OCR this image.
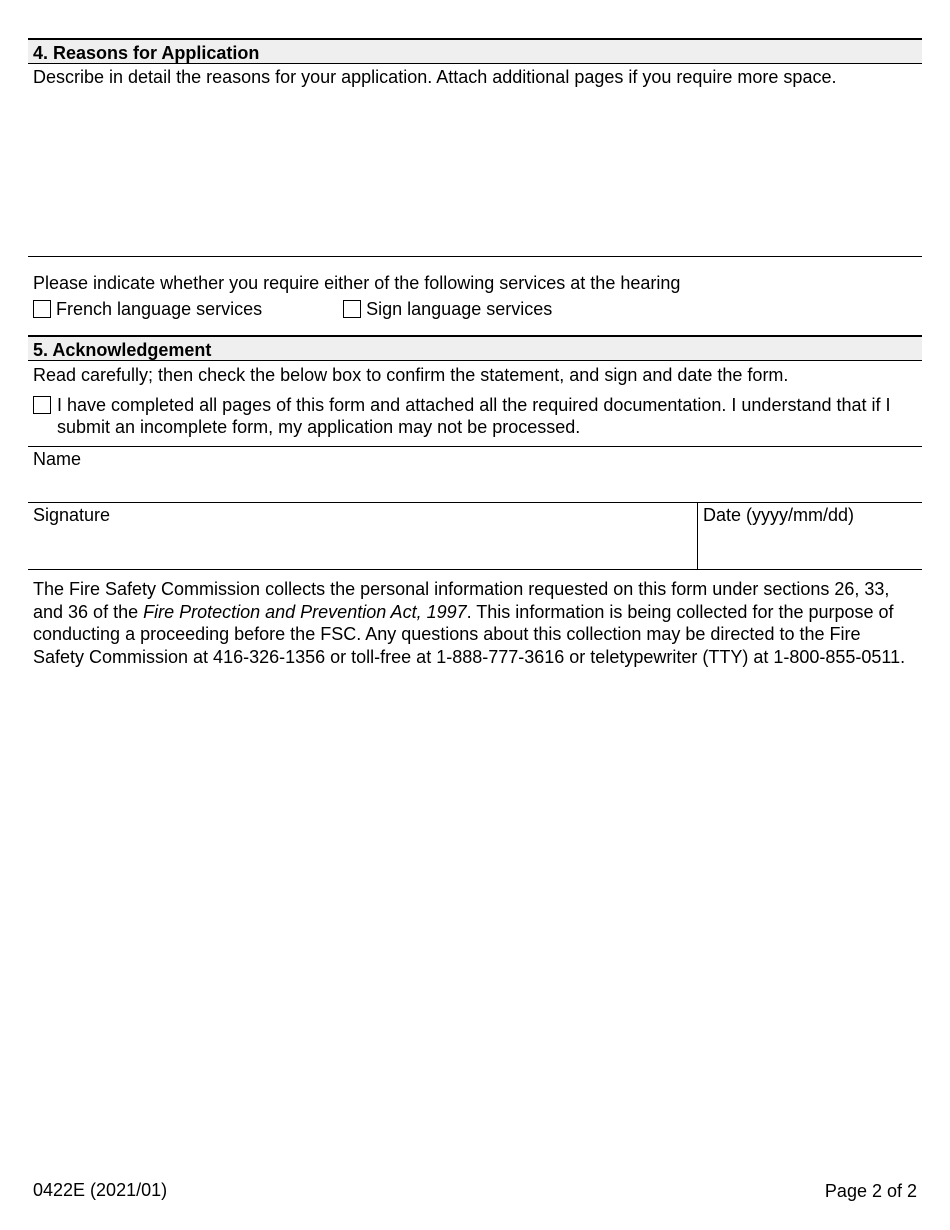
4. Reasons for Application
Describe in detail the reasons for your application. Attach additional pages if you require more space.
Please indicate whether you require either of the following services at the hearing
French language services	Sign language services
5. Acknowledgement
Read carefully; then check the below box to confirm the statement, and sign and date the form.
I have completed all pages of this form and attached all the required documentation. I understand that if I submit an incomplete form, my application may not be processed.
Name
Signature	Date (yyyy/mm/dd)
The Fire Safety Commission collects the personal information requested on this form under sections 26, 33, and 36 of the Fire Protection and Prevention Act, 1997. This information is being collected for the purpose of conducting a proceeding before the FSC. Any questions about this collection may be directed to the Fire Safety Commission at 416-326-1356 or toll-free at 1-888-777-3616 or teletypewriter (TTY) at 1-800-855-0511.
0422E (2021/01)	Page 2 of 2
